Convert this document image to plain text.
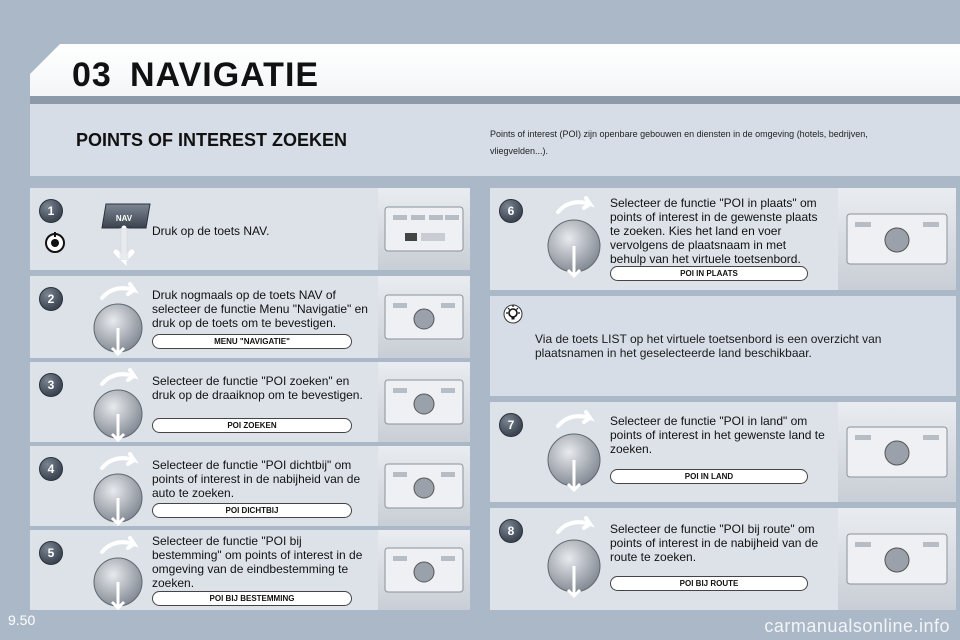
03 NAVIGATIE
POINTS OF INTEREST ZOEKEN	Points of interest (POI) zijn openbare gebouwen en diensten in de omgeving (hotels, bedrijven, vliegvelden...).
1
NAV
Druk op de toets NAV.
2	Druk nogmaals op de toets NAV of selecteer de functie Menu "Navigatie" en druk op de toets om te bevestigen.
MENU "NAVIGATIE"
3	Selecteer de functie "POI zoeken" en druk op de draaiknop om te bevestigen.
POI ZOEKEN
4	Selecteer de functie "POI dichtbij" om points of interest in de nabijheid van de auto te zoeken.
POI DICHTBIJ
5
Selecteer de functie "POI bij bestemming" om points of interest in de omgeving van de eindbestemming te zoeken.
POI BIJ BESTEMMING
6
Selecteer de functie "POI in plaats" om points of interest in de gewenste plaats te zoeken. Kies het land en voer vervolgens de plaatsnaam in met behulp van het virtuele toetsenbord.
POI IN PLAATS
Via de toets LIST op het virtuele toetsenbord is een overzicht van plaatsnamen in het geselecteerde land beschikbaar.
7	Selecteer de functie "POI in land" om points of interest in het gewenste land te zoeken.
POI IN LAND
8	Selecteer de functie "POI bij route" om points of interest in de nabijheid van de route te zoeken.
POI BIJ ROUTE
9.50	carmanualsonline.info
